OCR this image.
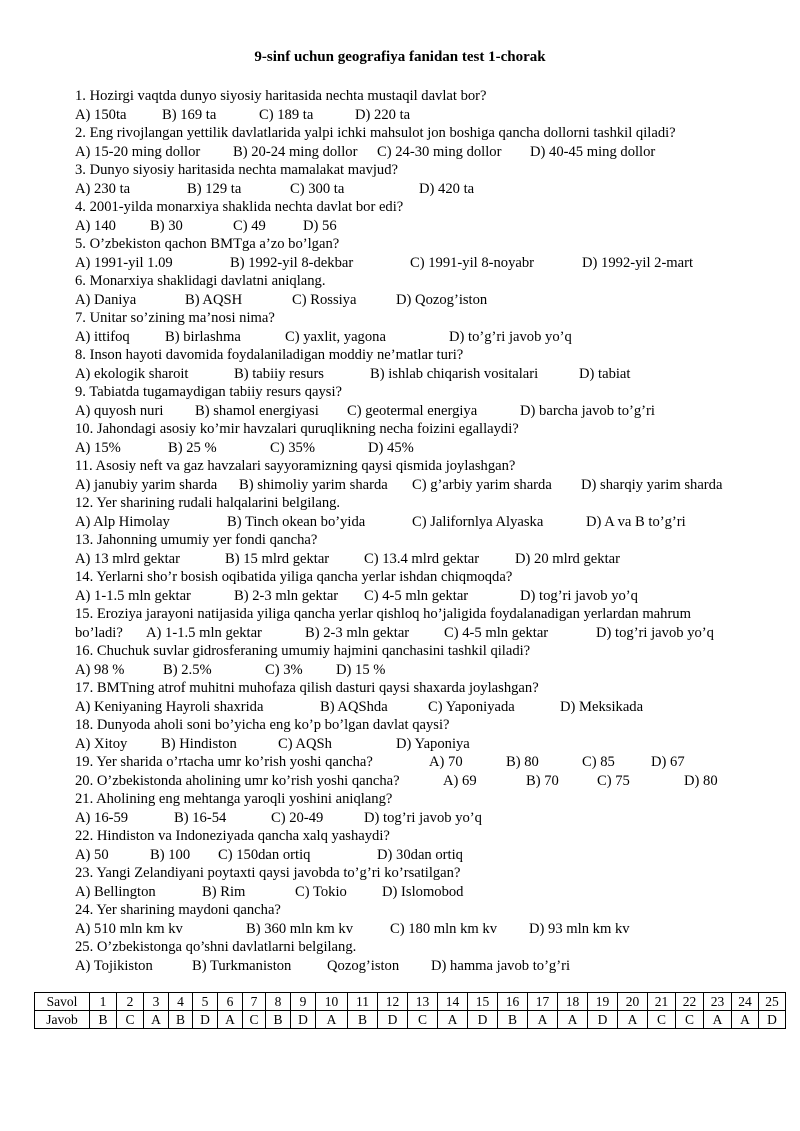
9-sinf uchun geografiya fanidan test 1-chorak
1. Hozirgi vaqtda dunyo siyosiy haritasida nechta mustaqil davlat bor?
A) 150ta B) 169 ta	C) 189 ta	D) 220 ta
2. Eng rivojlangan yettilik davlatlarida yalpi ichki mahsulot jon boshiga qancha dollorni tashkil qiladi?
A) 15-20 ming dollor B) 20-24 ming dollor C) 24-30 ming dollor D) 40-45 ming dollor
3. Dunyo siyosiy haritasida nechta mamalakat mavjud?
A) 230 ta	B) 129 ta	C) 300 ta	D) 420 ta
4. 2001-yilda monarxiya shaklida nechta davlat bor edi?
A) 140 B) 30	C) 49	D) 56
5. O’zbekiston qachon BMTga a’zo bo’lgan?
A) 1991-yil 1.09	B) 1992-yil 8-dekbar	C) 1991-yil 8-noyabr	D) 1992-yil 2-mart
6. Monarxiya shaklidagi davlatni aniqlang.
A) Daniya	B) AQSH	C) Rossiya	D) Qozog’iston
7. Unitar so’zining ma’nosi nima?
A) ittifoq B) birlashma	C) yaxlit, yagona	D) to’g’ri javob yo’q
8. Inson hayoti davomida foydalaniladigan moddiy ne’matlar turi?
A) ekologik sharoit	B) tabiiy resurs	B) ishlab chiqarish vositalari	D) tabiat
9. Tabiatda tugamaydigan tabiiy resurs qaysi?
A) quyosh nuri B) shamol energiyasi C) geotermal energiya	D) barcha javob to’g’ri
10. Jahondagi asosiy ko’mir havzalari quruqlikning necha foizini egallaydi?
A) 15%	B) 25 %	C) 35%	D) 45%
11. Asosiy neft va gaz havzalari sayyoramizning qaysi qismida joylashgan?
A) janubiy yarim sharda B) shimoliy yarim sharda C) g’arbiy yarim sharda D) sharqiy yarim sharda
12. Yer sharining rudali halqalarini belgilang.
A) Alp Himolay	B) Tinch okean bo’yida	C) Jalifornlya Alyaska	D) A va B to’g’ri
13. Jahonning umumiy yer fondi qancha?
A) 13 mlrd gektar	B) 15 mlrd gektar C) 13.4 mlrd gektar D) 20 mlrd gektar
14. Yerlarni sho’r bosish oqibatida yiliga qancha yerlar ishdan chiqmoqda?
A) 1-1.5 mln gektar	B) 2-3 mln gektar C) 4-5 mln gektar	D) tog’ri javob yo’q
15. Eroziya jarayoni natijasida yiliga qancha yerlar qishloq ho’jaligida foydalanadigan yerlardan mahrum
bo’ladi? A) 1-1.5 mln gektar	B) 2-3 mln gektar C) 4-5 mln gektar	D) tog’ri javob yo’q
16. Chuchuk suvlar gidrosferaning umumiy hajmini qanchasini tashkil qiladi?
A) 98 %	B) 2.5%	C) 3% D) 15 %
17. BMTning atrof muhitni muhofaza qilish dasturi qaysi shaxarda joylashgan?
A) Keniyaning Hayroli shaxrida	B) AQShda	C) Yaponiyada	D) Meksikada
18. Dunyoda aholi soni bo’yicha eng ko’p bo’lgan davlat qaysi?
A) Xitoy B) Hindiston	C) AQSh	D) Yaponiya
19. Yer sharida o’rtacha umr ko’rish yoshi qancha?	A) 70	B) 80	C) 85 D) 67
20. O’zbekistonda aholining umr ko’rish yoshi qancha?	A) 69	B) 70	C) 75	D) 80
21. Aholining eng mehtanga yaroqli yoshini aniqlang?
A) 16-59	B) 16-54	C) 20-49	D) tog’ri javob yo’q
22. Hindiston va Indoneziyada qancha xalq yashaydi?
A) 50	B) 100 C) 150dan ortiq	D) 30dan ortiq
23. Yangi Zelandiyani poytaxti qaysi javobda to’g’ri ko’rsatilgan?
A) Bellington	B) Rim	C) Tokio D) Islomobod
24. Yer sharining maydoni qancha?
A) 510 mln km kv	B) 360 mln km kv	C) 180 mln km kv D) 93 mln km kv
25. O’zbekistonga qo’shni davlatlarni belgilang.
A) Tojikiston	B) Turkmaniston Qozog’iston D) hamma javob to’g’ri
Savol	1	2	3	4	5	6	7	8	9	10	11	12	13	14	15	16	17	18	19	20	21	22	23	24	25
Javob	B	C	A	B	D	A	C	B	D	A	B	D	C	A	D	B	A	A	D	A	C	C	A	A	D
